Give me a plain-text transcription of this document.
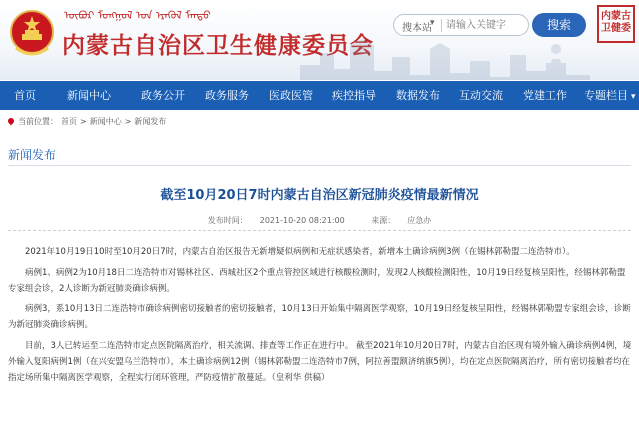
ᠥᠪᠥᠷ ᠮᠣᠩᠭᠣᠯ ᠤᠨ ᠡᠷᠡᠭᠦᠯ ᠮᠡᠨᠳᠦ
内蒙古自治区卫生健康委员会
搜本站
▾
请输入关键字	搜索
内蒙古卫健委
首页	新闻中心	政务公开 政务服务 医政医管 疾控指导 数据发布 互动交流 党建工作 专题栏目 ▾
当前位置： 首页 > 新闻中心 > 新闻发布
新闻发布
截至10月20日7时内蒙古自治区新冠肺炎疫情最新情况
发布时间： 2021-10-20 08:21:00	来源： 应急办

2021年10月19日10时至10月20日7时，内蒙古自治区报告无新增疑似病例和无症状感染者，新增本土确诊病例3例（在锡林郭勒盟二连浩特市）。

病例1、病例2为10月18日二连浩特市对锡林社区、西城社区2个重点管控区域进行核酸检测时，发现2人核酸检测阳性，10月19日经复核呈阳性，经锡林郭勒盟专家组会诊，2人诊断为新冠肺炎确诊病例。

病例3，系10月13日二连浩特市确诊病例密切接触者的密切接触者，10月13日开始集中隔离医学观察，10月19日经复核呈阳性，经锡林郭勒盟专家组会诊，诊断为新冠肺炎确诊病例。

目前，3人已转运至二连浩特市定点医院隔离治疗，相关流调、排查等工作正在进行中。 截至2021年10月20日7时，内蒙古自治区现有境外输入确诊病例4例，境外输入复阳病例1例（在兴安盟乌兰浩特市），本土确诊病例12例（锡林郭勒盟二连浩特市7例，阿拉善盟额济纳旗5例），均在定点医院隔离治疗，所有密切接触者均在指定场所集中隔离医学观察，全程实行闭环管理，严防疫情扩散蔓延。（皇利华 供稿）
